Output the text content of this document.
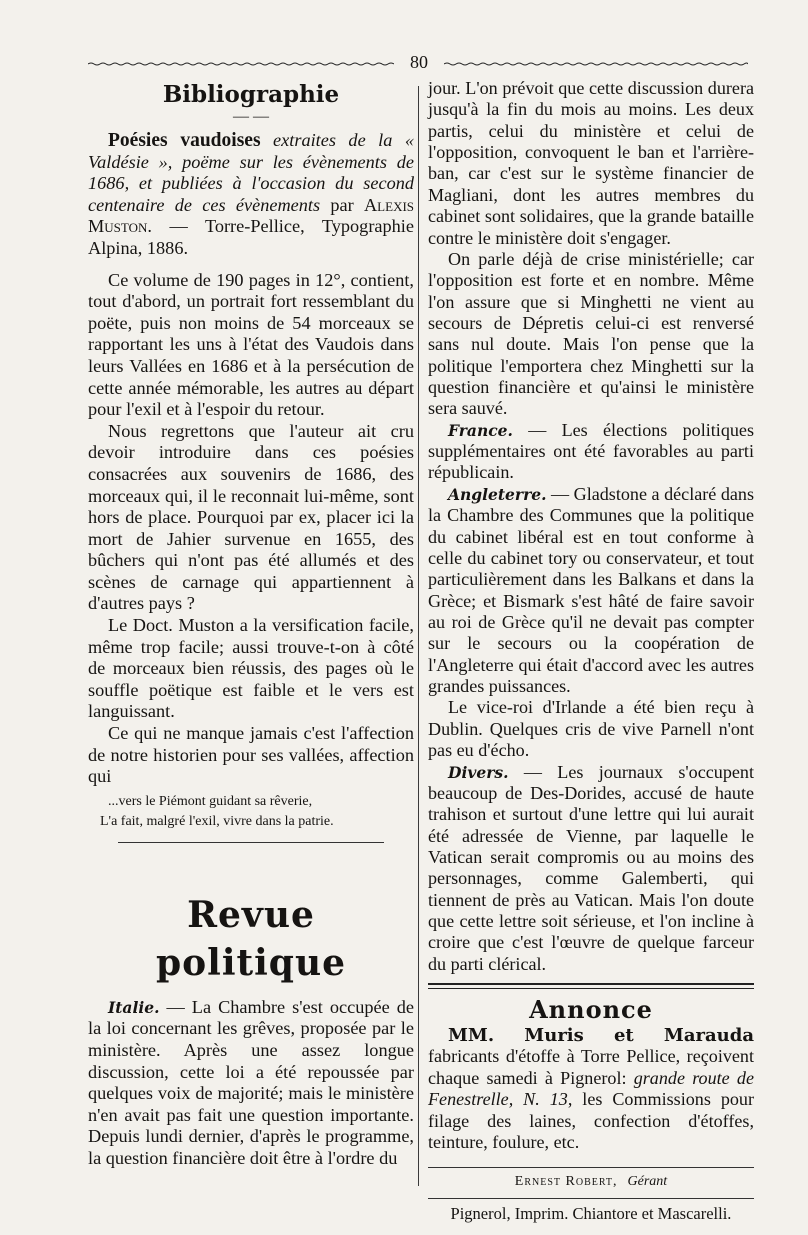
80
Bibliographie
— —

Poésies vaudoises extraites de la « Valdésie », poëme sur les évènements de 1686, et publiées à l'occasion du second centenaire de ces évènements par Alexis Muston. — Torre-Pellice, Typographie Alpina, 1886.

Ce volume de 190 pages in 12°, contient, tout d'abord, un portrait fort ressemblant du poëte, puis non moins de 54 morceaux se rapportant les uns à l'état des Vaudois dans leurs Vallées en 1686 et à la persécution de cette année mémorable, les autres au départ pour l'exil et à l'espoir du retour.

Nous regrettons que l'auteur ait cru devoir introduire dans ces poésies consacrées aux souvenirs de 1686, des morceaux qui, il le reconnait lui-même, sont hors de place. Pourquoi par ex, placer ici la mort de Jahier survenue en 1655, des bûchers qui n'ont pas été allumés et des scènes de carnage qui appartiennent à d'autres pays ?

Le Doct. Muston a la versification facile, même trop facile; aussi trouve-t-on à côté de morceaux bien réussis, des pages où le souffle poëtique est faible et le vers est languissant.

Ce qui ne manque jamais c'est l'affection de notre historien pour ses vallées, affection qui

...vers le Piémont guidant sa rêverie,
L'a fait, malgré l'exil, vivre dans la patrie.
Revue politique

Italie. — La Chambre s'est occupée de la loi concernant les grêves, proposée par le ministère. Après une assez longue discussion, cette loi a été repoussée par quelques voix de majorité; mais le ministère n'en avait pas fait une question importante. Depuis lundi dernier, d'après le programme, la question financière doit être à l'ordre du

jour. L'on prévoit que cette discussion durera jusqu'à la fin du mois au moins. Les deux partis, celui du ministère et celui de l'opposition, convoquent le ban et l'arrière-ban, car c'est sur le système financier de Magliani, dont les autres membres du cabinet sont solidaires, que la grande bataille contre le ministère doit s'engager.

On parle déjà de crise ministérielle; car l'opposition est forte et en nombre. Même l'on assure que si Minghetti ne vient au secours de Dépretis celui-ci est renversé sans nul doute. Mais l'on pense que la politique l'emportera chez Minghetti sur la question financière et qu'ainsi le ministère sera sauvé.

France. — Les élections politiques supplémentaires ont été favorables au parti républicain.

Angleterre. — Gladstone a déclaré dans la Chambre des Communes que la politique du cabinet libéral est en tout conforme à celle du cabinet tory ou conservateur, et tout particulièrement dans les Balkans et dans la Grèce; et Bismark s'est hâté de faire savoir au roi de Grèce qu'il ne devait pas compter sur le secours ou la coopération de l'Angleterre qui était d'accord avec les autres grandes puissances.

Le vice-roi d'Irlande a été bien reçu à Dublin. Quelques cris de vive Parnell n'ont pas eu d'écho.

Divers. — Les journaux s'occupent beaucoup de Des-Dorides, accusé de haute trahison et surtout d'une lettre qui lui aurait été adressée de Vienne, par laquelle le Vatican serait compromis ou au moins des personnages, comme Galemberti, qui tiennent de près au Vatican. Mais l'on doute que cette lettre soit sérieuse, et l'on incline à croire que c'est l'œuvre de quelque farceur du parti clérical.

Annonce

MM. Muris et Marauda fabricants d'étoffe à Torre Pellice, reçoivent chaque samedi à Pignerol: grande route de Fenestrelle, N. 13, les Commissions pour filage des laines, confection d'étoffes, teinture, foulure, etc.

Ernest Robert, Gérant
Pignerol, Imprim. Chiantore et Mascarelli.
